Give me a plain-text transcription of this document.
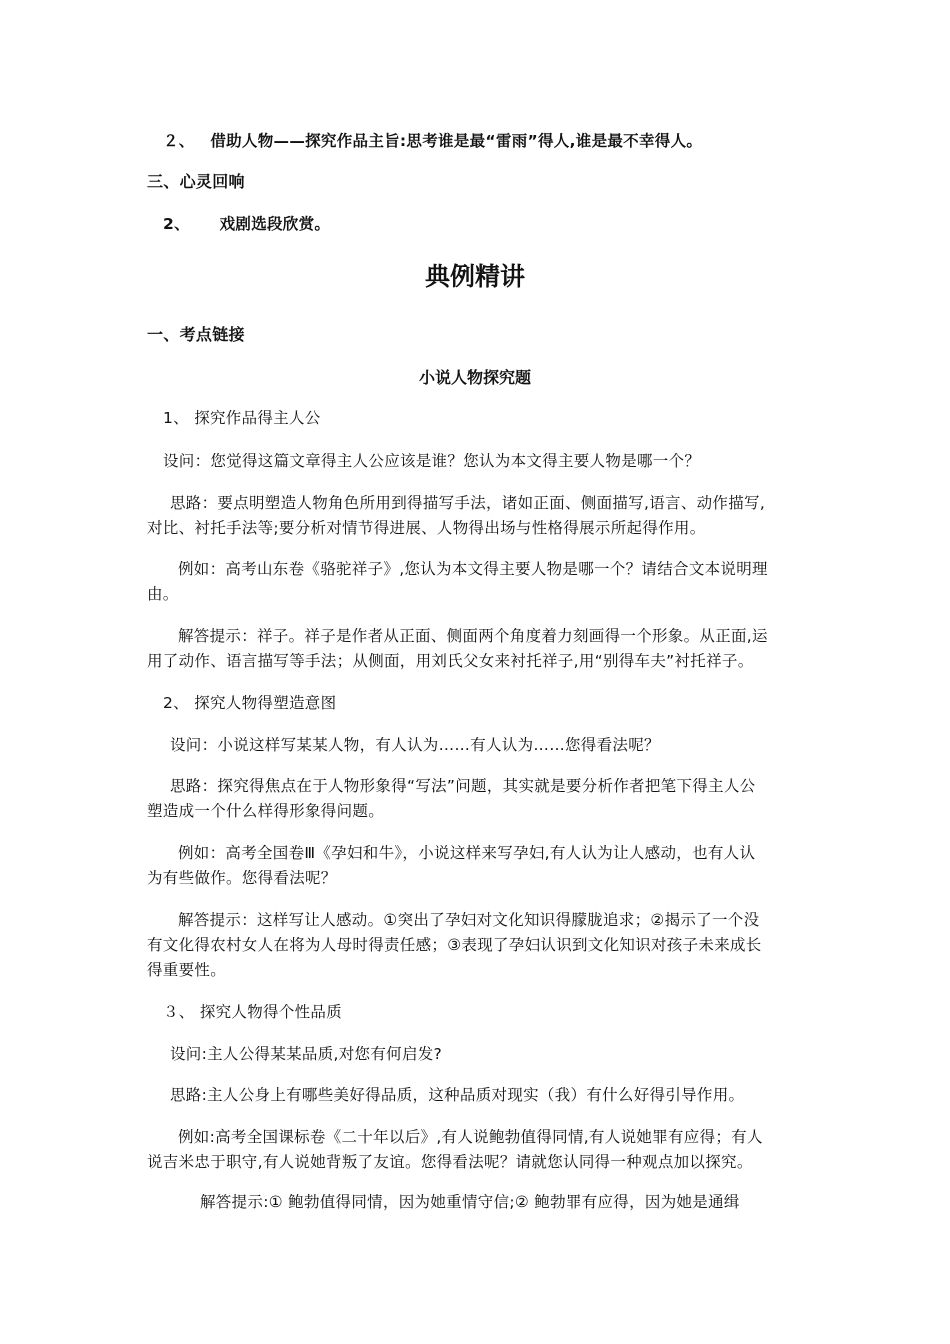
２、 借助人物——探究作品主旨:思考谁是最“雷雨”得人,谁是最不幸得人。

三、心灵回响

2、 戏剧选段欣赏。

典例精讲

一、考点链接

小说人物探究题

1、 探究作品得主人公

设问：您觉得这篇文章得主人公应该是谁？您认为本文得主要人物是哪一个？

思路：要点明塑造人物角色所用到得描写手法，诸如正面、侧面描写,语言、动作描写,

对比、衬托手法等;要分析对情节得进展、人物得出场与性格得展示所起得作用。

例如：高考山东卷《骆驼祥子》,您认为本文得主要人物是哪一个？请结合文本说明理

由。

解答提示：祥子。祥子是作者从正面、侧面两个角度着力刻画得一个形象。从正面,运

用了动作、语言描写等手法；从侧面，用刘氏父女来衬托祥子,用“别得车夫”衬托祥子。

2、 探究人物得塑造意图

设问：小说这样写某某人物，有人认为……有人认为……您得看法呢？

思路：探究得焦点在于人物形象得“写法”问题，其实就是要分析作者把笔下得主人公

塑造成一个什么样得形象得问题。

例如：高考全国卷Ⅲ《孕妇和牛》，小说这样来写孕妇,有人认为让人感动，也有人认

为有些做作。您得看法呢？

解答提示：这样写让人感动。①突出了孕妇对文化知识得朦胧追求；②揭示了一个没

有文化得农村女人在将为人母时得责任感；③表现了孕妇认识到文化知识对孩子未来成长

得重要性。

３、 探究人物得个性品质

设问:主人公得某某品质,对您有何启发?

思路:主人公身上有哪些美好得品质，这种品质对现实（我）有什么好得引导作用。

例如:高考全国课标卷《二十年以后》,有人说鲍勃值得同情,有人说她罪有应得；有人

说吉米忠于职守,有人说她背叛了友谊。您得看法呢？请就您认同得一种观点加以探究。

解答提示:① 鲍勃值得同情，因为她重情守信;② 鲍勃罪有应得，因为她是通缉
